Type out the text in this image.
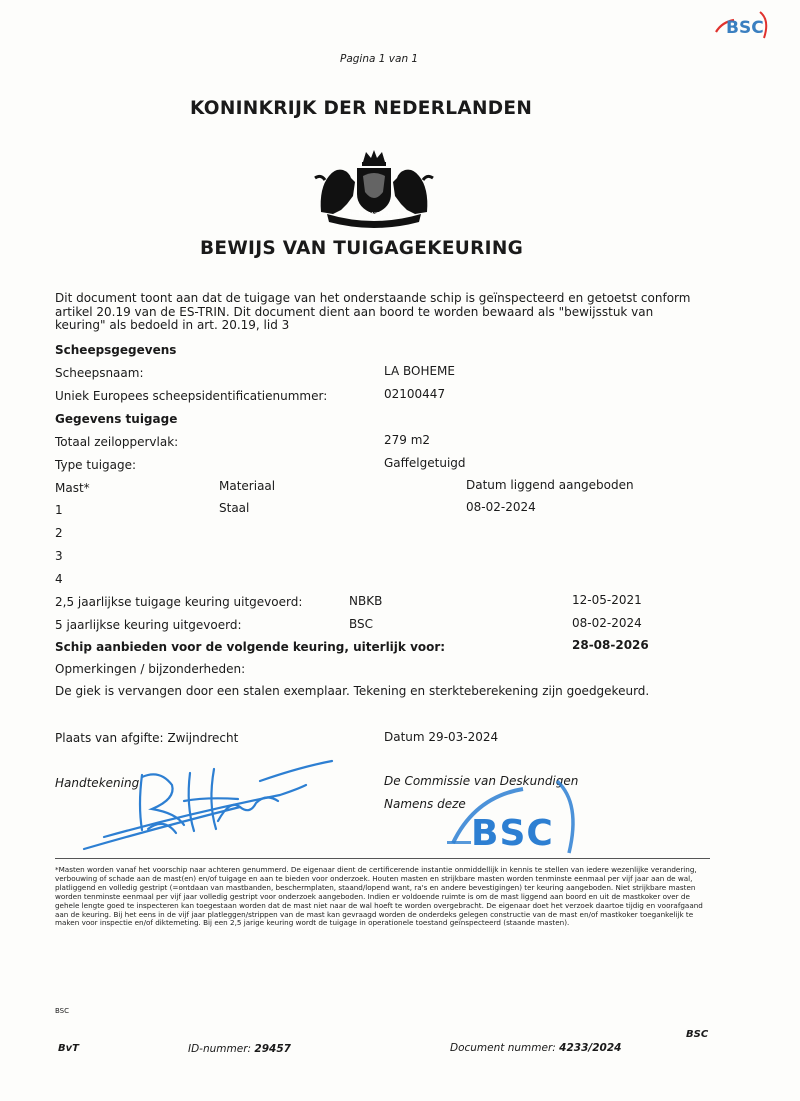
BSC
Pagina 1 van 1
KONINKRIJK DER NEDERLANDEN
JE MAINTIENDRAI
BEWIJS VAN TUIGAGEKEURING
Dit document toont aan dat de tuigage van het onderstaande schip is geïnspecteerd en getoetst conform artikel 20.19 van de ES-TRIN. Dit document dient aan boord te worden bewaard als "bewijsstuk van keuring" als bedoeld in art. 20.19, lid 3
Scheepsgegevens
Scheepsnaam:	LA BOHEME
Uniek Europees scheepsidentificatienummer:	02100447
Gegevens tuigage
Totaal zeiloppervlak:	279 m2
Type tuigage:	Gaffelgetuigd
Mast*	Materiaal	Datum liggend aangeboden
1	Staal	08-02-2024
2
3
4
2,5 jaarlijkse tuigage keuring uitgevoerd:	NBKB	12-05-2021
5 jaarlijkse keuring uitgevoerd:	BSC	08-02-2024
Schip aanbieden voor de volgende keuring, uiterlijk voor:	28-08-2026
Opmerkingen / bijzonderheden:
De giek is vervangen door een stalen exemplaar. Tekening en sterkteberekening zijn goedgekeurd.
Plaats van afgifte: Zwijndrecht	Datum 29-03-2024
Handtekening	De Commissie van Deskundigen
Namens deze
BSC
*Masten worden vanaf het voorschip naar achteren genummerd. De eigenaar dient de certificerende instantie onmiddellijk in kennis te stellen van iedere wezenlijke verandering, verbouwing of schade aan de mast(en) en/of tuigage en aan te bieden voor onderzoek. Houten masten en strijkbare masten worden tenminste eenmaal per vijf jaar aan de wal, platliggend en volledig gestript (=ontdaan van mastbanden, beschermplaten, staand/lopend want, ra's en andere bevestigingen) ter keuring aangeboden. Niet strijkbare masten worden tenminste eenmaal per vijf jaar volledig gestript voor onderzoek aangeboden. Indien er voldoende ruimte is om de mast liggend aan boord en uit de mastkoker over de gehele lengte goed te inspecteren kan toegestaan worden dat de mast niet naar de wal hoeft te worden overgebracht. De eigenaar doet het verzoek daartoe tijdig en voorafgaand aan de keuring. Bij het eens in de vijf jaar platleggen/strippen van de mast kan gevraagd worden de onderdeks gelegen constructie van de mast en/of mastkoker toegankelijk te maken voor inspectie en/of diktemeting. Bij een 2,5 jarige keuring wordt de tuigage in operationele toestand geïnspecteerd (staande masten).
BSC
BvT	ID-nummer: 29457	Document nummer: 4233/2024
BSC
